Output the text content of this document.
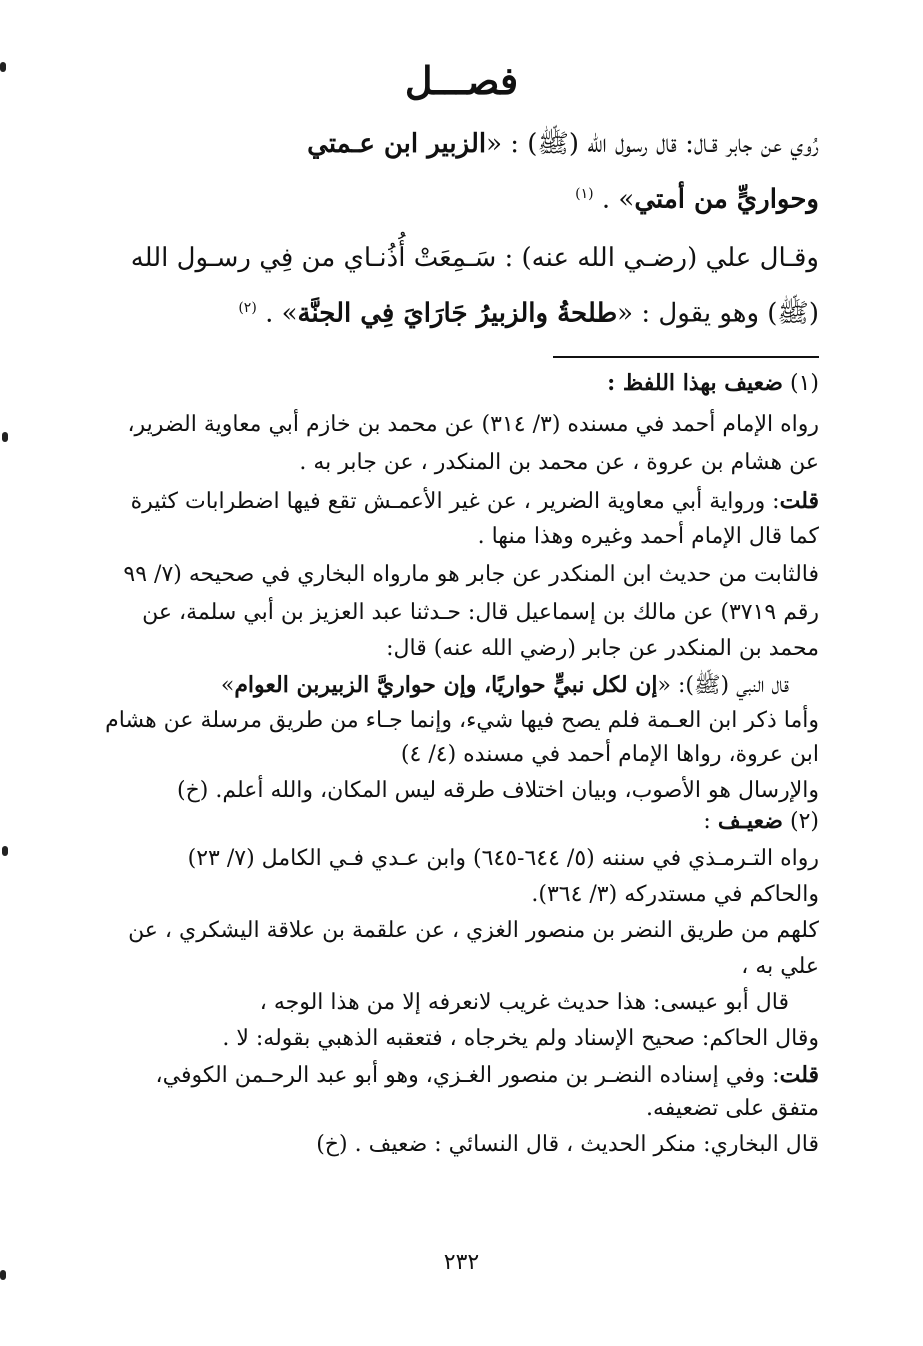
فصـــل
رُوي عن جابر قـال: قال رسول الله (ﷺ) : «الزبير ابن عـمتي
وحواريٍّ من أمتي» . $^{(١)}$
وقـال علي (رضـي الله عنه) : سَـمِعَتْ أُذُنـاي من فِي رسـول الله
(ﷺ) وهو يقول : «طلحةُ والزبيرُ جَارَايَ فِي الجنَّة» . $^{(٢)}$
(١) ضعيف بهذا اللفظ :
رواه الإمام أحمد في مسنده (٣/ ٣١٤) عن محمد بن خازم أبي معاوية الضرير،
عن هشام بن عروة ، عن محمد بن المنكدر ، عن جابر به .
قلت: ورواية أبي معاوية الضرير ، عن غير الأعمـش تقع فيها اضطرابات كثيرة
كما قال الإمام أحمد وغيره وهذا منها .
فالثابت من حديث ابن المنكدر عن جابر هو مارواه البخاري في صحيحه (٧/ ٩٩
رقم ٣٧١٩) عن مالك بن إسماعيل قال: حـدثنا عبد العزيز بن أبي سلمة، عن
محمد بن المنكدر عن جابر (رضي الله عنه) قال:
قال النبي (ﷺ): «إن لكل نبيٍّ حواريًا، وإن حواريَّ الزبيربن العوام»
وأما ذكر ابن العـمة فلم يصح فيها شيء، وإنما جـاء من طريق مرسلة عن هشام
ابن عروة، رواها الإمام أحمد في مسنده (٤/ ٤)
والإرسال هو الأصوب، وبيان اختلاف طرقه ليس المكان، والله أعلم. (خ)
(٢) ضعيـف :
رواه التـرمـذي في سننه (٥/ ٦٤٤-٦٤٥) وابن عـدي فـي الكامل (٧/ ٢٣)
والحاكم في مستدركه (٣/ ٣٦٤).
كلهم من طريق النضر بن منصور الغزي ، عن علقمة بن علاقة اليشكري ، عن
علي به ،
قال أبو عيسى: هذا حديث غريب لانعرفه إلا من هذا الوجه ،
وقال الحاكم: صحيح الإسناد ولم يخرجاه ، فتعقبه الذهبي بقوله: لا .
قلت: وفي إسناده النضـر بن منصور الغـزي، وهو أبو عبد الرحـمن الكوفي،
متفق على تضعيفه.
قال البخاري: منكر الحديث ، قال النسائي : ضعيف . (خ)
٢٣٢
